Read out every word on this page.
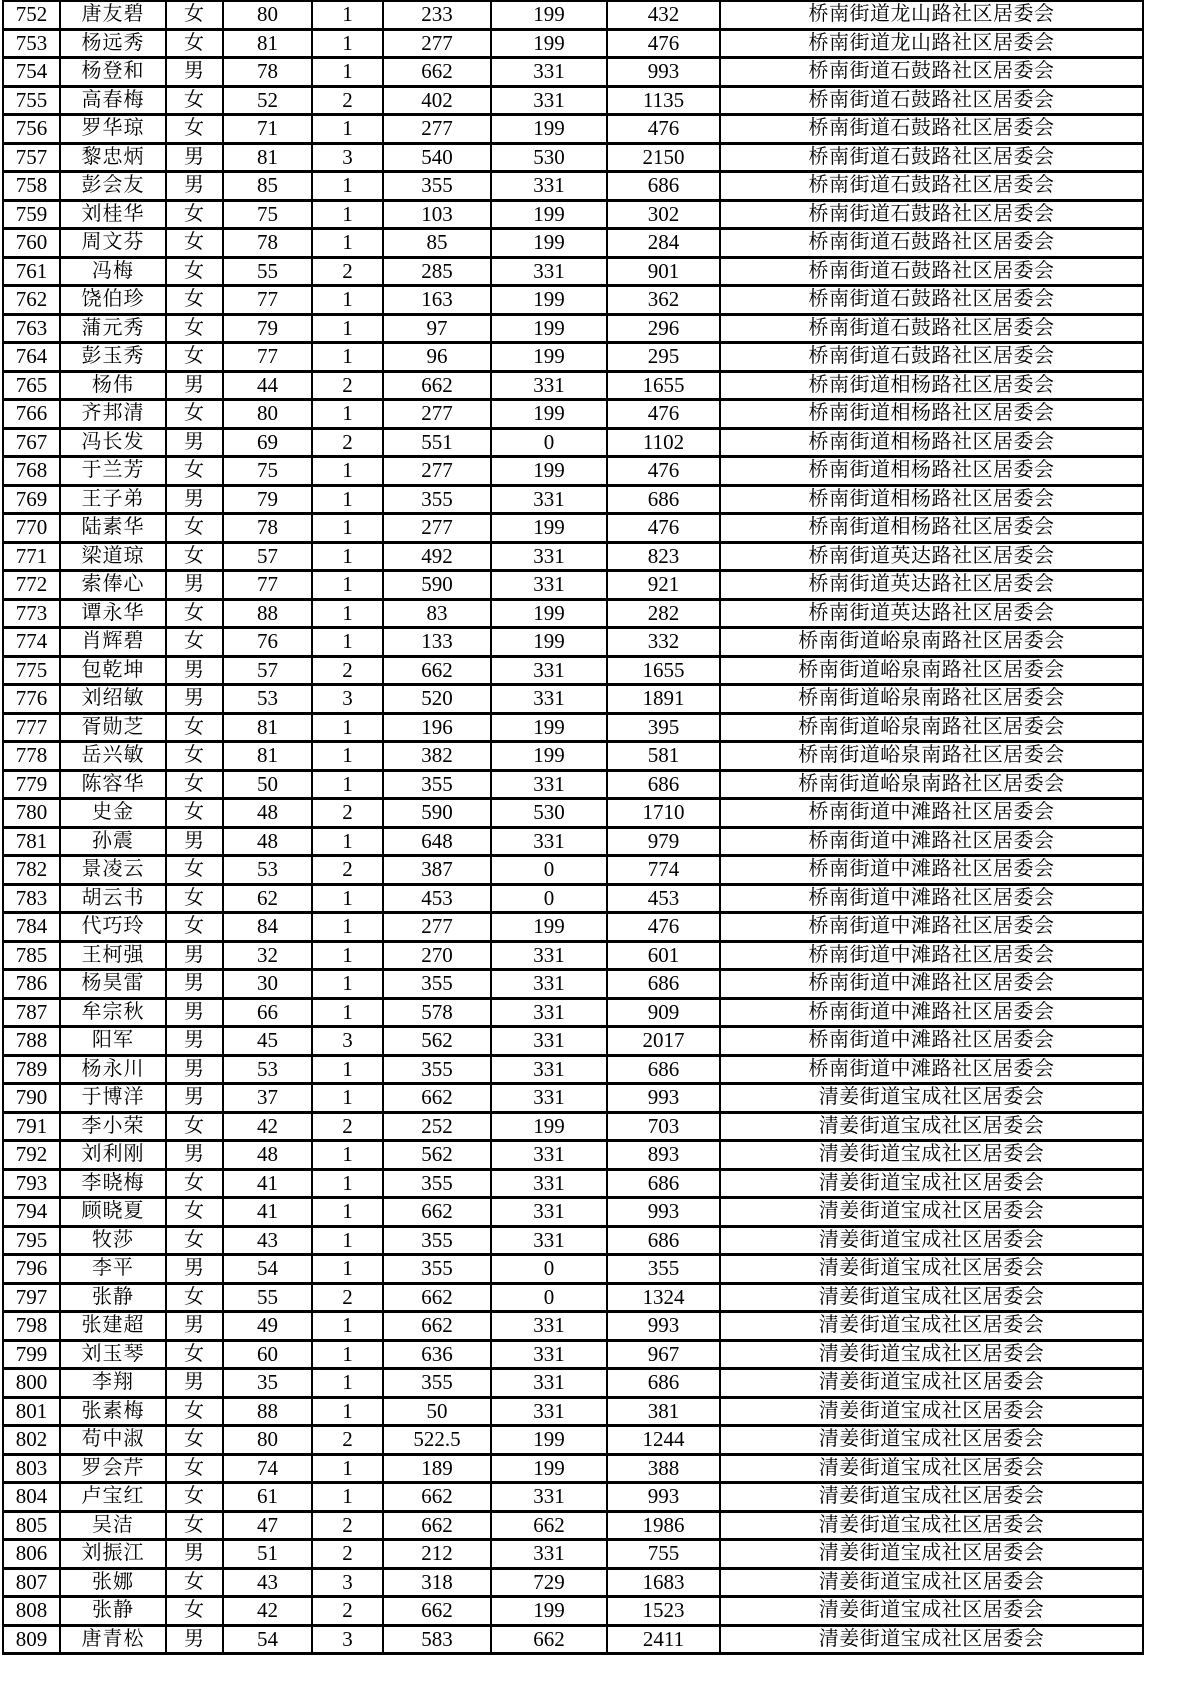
752	唐友碧	女	80	1	233	199	432	桥南街道龙山路社区居委会
753	杨远秀	女	81	1	277	199	476	桥南街道龙山路社区居委会
754	杨登和	男	78	1	662	331	993	桥南街道石鼓路社区居委会
755	高春梅	女	52	2	402	331	1135	桥南街道石鼓路社区居委会
756	罗华琼	女	71	1	277	199	476	桥南街道石鼓路社区居委会
757	黎忠炳	男	81	3	540	530	2150	桥南街道石鼓路社区居委会
758	彭会友	男	85	1	355	331	686	桥南街道石鼓路社区居委会
759	刘桂华	女	75	1	103	199	302	桥南街道石鼓路社区居委会
760	周文芬	女	78	1	85	199	284	桥南街道石鼓路社区居委会
761	冯梅	女	55	2	285	331	901	桥南街道石鼓路社区居委会
762	饶伯珍	女	77	1	163	199	362	桥南街道石鼓路社区居委会
763	蒲元秀	女	79	1	97	199	296	桥南街道石鼓路社区居委会
764	彭玉秀	女	77	1	96	199	295	桥南街道石鼓路社区居委会
765	杨伟	男	44	2	662	331	1655	桥南街道相杨路社区居委会
766	齐邦清	女	80	1	277	199	476	桥南街道相杨路社区居委会
767	冯长发	男	69	2	551	0	1102	桥南街道相杨路社区居委会
768	于兰芳	女	75	1	277	199	476	桥南街道相杨路社区居委会
769	王子弟	男	79	1	355	331	686	桥南街道相杨路社区居委会
770	陆素华	女	78	1	277	199	476	桥南街道相杨路社区居委会
771	梁道琼	女	57	1	492	331	823	桥南街道英达路社区居委会
772	索俸心	男	77	1	590	331	921	桥南街道英达路社区居委会
773	谭永华	女	88	1	83	199	282	桥南街道英达路社区居委会
774	肖辉碧	女	76	1	133	199	332	桥南街道峪泉南路社区居委会
775	包乾坤	男	57	2	662	331	1655	桥南街道峪泉南路社区居委会
776	刘绍敏	男	53	3	520	331	1891	桥南街道峪泉南路社区居委会
777	胥勋芝	女	81	1	196	199	395	桥南街道峪泉南路社区居委会
778	岳兴敏	女	81	1	382	199	581	桥南街道峪泉南路社区居委会
779	陈容华	女	50	1	355	331	686	桥南街道峪泉南路社区居委会
780	史金	女	48	2	590	530	1710	桥南街道中滩路社区居委会
781	孙震	男	48	1	648	331	979	桥南街道中滩路社区居委会
782	景凌云	女	53	2	387	0	774	桥南街道中滩路社区居委会
783	胡云书	女	62	1	453	0	453	桥南街道中滩路社区居委会
784	代巧玲	女	84	1	277	199	476	桥南街道中滩路社区居委会
785	王柯强	男	32	1	270	331	601	桥南街道中滩路社区居委会
786	杨昊雷	男	30	1	355	331	686	桥南街道中滩路社区居委会
787	牟宗秋	男	66	1	578	331	909	桥南街道中滩路社区居委会
788	阳军	男	45	3	562	331	2017	桥南街道中滩路社区居委会
789	杨永川	男	53	1	355	331	686	桥南街道中滩路社区居委会
790	于博洋	男	37	1	662	331	993	清姜街道宝成社区居委会
791	李小荣	女	42	2	252	199	703	清姜街道宝成社区居委会
792	刘利刚	男	48	1	562	331	893	清姜街道宝成社区居委会
793	李晓梅	女	41	1	355	331	686	清姜街道宝成社区居委会
794	顾晓夏	女	41	1	662	331	993	清姜街道宝成社区居委会
795	牧莎	女	43	1	355	331	686	清姜街道宝成社区居委会
796	李平	男	54	1	355	0	355	清姜街道宝成社区居委会
797	张静	女	55	2	662	0	1324	清姜街道宝成社区居委会
798	张建超	男	49	1	662	331	993	清姜街道宝成社区居委会
799	刘玉琴	女	60	1	636	331	967	清姜街道宝成社区居委会
800	李翔	男	35	1	355	331	686	清姜街道宝成社区居委会
801	张素梅	女	88	1	50	331	381	清姜街道宝成社区居委会
802	苟中淑	女	80	2	522.5	199	1244	清姜街道宝成社区居委会
803	罗会芹	女	74	1	189	199	388	清姜街道宝成社区居委会
804	卢宝红	女	61	1	662	331	993	清姜街道宝成社区居委会
805	吴洁	女	47	2	662	662	1986	清姜街道宝成社区居委会
806	刘振江	男	51	2	212	331	755	清姜街道宝成社区居委会
807	张娜	女	43	3	318	729	1683	清姜街道宝成社区居委会
808	张静	女	42	2	662	199	1523	清姜街道宝成社区居委会
809	唐青松	男	54	3	583	662	2411	清姜街道宝成社区居委会
